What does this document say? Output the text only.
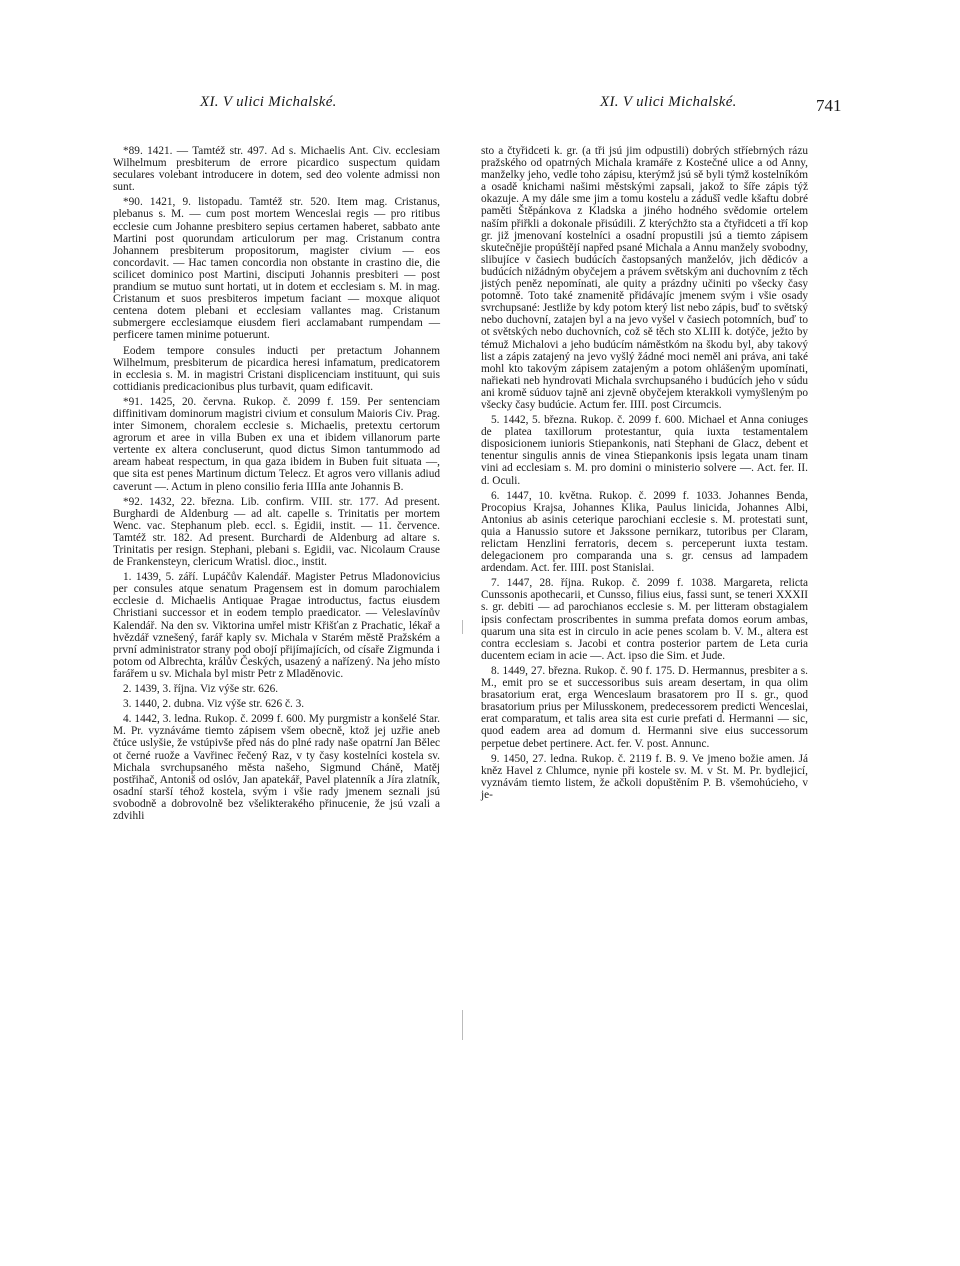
XI. V ulici Michalské.	XI. V ulici Michalské.	741

*89. 1421. — Tamtéž str. 497. Ad s. Michaelis Ant. Civ. ecclesiam Wilhelmum presbiterum de errore picardico suspectum quidam seculares volebant introducere in dotem, sed deo volente admissi non sunt.

*90. 1421, 9. listopadu. Tamtéž str. 520. Item mag. Cristanus, plebanus s. M. — cum post mortem Wenceslai regis — pro ritibus ecclesie cum Johanne presbitero sepius certamen haberet, sabbato ante Martini post quorundam articulorum per mag. Cristanum contra Johannem presbiterum propositorum, magister civium — eos concordavit. — Hac tamen concordia non obstante in crastino die, die scilicet dominico post Martini, disciputi Johannis presbiteri — post prandium se mutuo sunt hortati, ut in dotem et ecclesiam s. M. in mag. Cristanum et suos presbiteros impetum faciant — moxque aliquot centena dotem plebani et ecclesiam vallantes mag. Cristanum submergere ecclesiamque eiusdem fieri acclamabant rumpendam — perficere tamen minime potuerunt.

Eodem tempore consules inducti per pretactum Johannem Wilhelmum, presbiterum de picardica heresi infamatum, predicatorem in ecclesia s. M. in magistri Cristani displicenciam instituunt, qui suis cottidianis predicacionibus plus turbavit, quam edificavit.

*91. 1425, 20. června. Rukop. č. 2099 f. 159. Per sentenciam diffinitivam dominorum magistri civium et consulum Maioris Civ. Prag. inter Simonem, choralem ecclesie s. Michaelis, pretextu certorum agrorum et aree in villa Buben ex una et ibidem villanorum parte vertente ex altera concluserunt, quod dictus Simon tantummodo ad aream habeat respectum, in qua gaza ibidem in Buben fuit situata —, que sita est penes Martinum dictum Telecz. Et agros vero villanis adiud caverunt —. Actum in pleno consilio feria IIIIa ante Johannis B.

*92. 1432, 22. března. Lib. confirm. VIII. str. 177. Ad present. Burghardi de Aldenburg — ad alt. capelle s. Trinitatis per mortem Wenc. vac. Stephanum pleb. eccl. s. Egidii, instit. — 11. července. Tamtéž str. 182. Ad present. Burchardi de Aldenburg ad altare s. Trinitatis per resign. Stephani, plebani s. Egidii, vac. Nicolaum Crause de Frankensteyn, clericum Wratisl. dioc., instit.

1. 1439, 5. září. Lupáčův Kalendář. Magister Petrus Mladonovicius per consules atque senatum Pragensem est in domum parochialem ecclesie d. Michaelis Antiquae Pragae introductus, factus eiusdem Christiani successor et in eodem templo praedicator. — Veleslavínův Kalendář. Na den sv. Viktorina umřel mistr Křišťan z Prachatic, lékař a hvězdář vznešený, farář kaply sv. Michala v Starém městě Pražském a první administrator strany pod obojí přijímajících, od císaře Zigmunda i potom od Albrechta, králův Českých, usazený a nařízený. Na jeho místo farářem u sv. Michala byl mistr Petr z Mladěnovic.

2. 1439, 3. října. Viz výše str. 626.

3. 1440, 2. dubna. Viz výše str. 626 č. 3.

4. 1442, 3. ledna. Rukop. č. 2099 f. 600. My purgmistr a konšelé Star. M. Pr. vyznáváme tiemto zápisem všem obecně, ktož jej uzřie aneb čtúce uslyšie, že vstúpivše před nás do plné rady naše opatrní Jan Bělec ot černé ruože a Vavřinec řečený Raz, v ty časy kostelníci kostela sv. Michala svrchupsaného města našeho, Sigmund Cháně, Matěj postřihač, Antoniš od oslóv, Jan apatekář, Pavel platenník a Jíra zlatník, osadní starší téhož kostela, svým i všie rady jmenem seznali jsú svobodně a dobrovolně bez všelikterakého přinucenie, že jsú vzali a zdvihli

sto a čtyřidceti k. gr. (a tři jsú jim odpustili) dobrých stříebrných rázu pražského od opatrných Michala kramáře z Kostečné ulice a od Anny, manželky jeho, vedle toho zápisu, kterýmž jsú sě byli týmž kostelníkóm a osadě knichami našimi městskými zapsali, jakož to šíře zápis týž okazuje. A my dále sme jim a tomu kostelu a zádušî vedle kšaftu dobré paměti Štěpánkova z Kladska a jiného hodného svědomie ortelem naším přiřkli a dokonale přisúdili. Z kterýchžto sta a čtyřidceti a tří kop gr. již jmenovaní kostelníci a osadní propustili jsú a tiemto zápisem skutečnějie propúštějí napřed psané Michala a Annu manžely svobodny, slibujíce v časiech budúcích častopsaných manželóv, jich dědicóv a budúcích nižádným obyčejem a právem světským ani duchovním z těch jistých peněz nepomínati, ale quity a prázdny učiniti po všecky časy potomně. Toto také znamenitě přidávajíc jmenem svým i všie osady svrchupsané: Jestliže by kdy potom který list nebo zápis, buď to světský nebo duchovní, zatajen byl a na jevo vyšel v časiech potomních, buď to ot světských nebo duchovních, což sě těch sto XLIII k. dotýče, ježto by témuž Michalovi a jeho budúcím náměstkóm na škodu byl, aby takový list a zápis zatajený na jevo vyšlý žádné moci neměl ani práva, ani také mohl kto takovým zápisem zatajeným a potom ohlášeným upomínati, nařiekati neb hyndrovati Michala svrchupsaného i budúcích jeho v súdu ani kromě súduov tajně ani zjevně obyčejem kterakkoli vymyšleným po všecky časy budúcie. Actum fer. IIII. post Circumcis.

5. 1442, 5. března. Rukop. č. 2099 f. 600. Michael et Anna coniuges de platea taxillorum protestantur, quia iuxta testamentalem disposicionem iunioris Stiepankonis, nati Stephani de Glacz, debent et tenentur singulis annis de vinea Stiepankonis ipsis legata unam tinam vini ad ecclesiam s. M. pro domini o ministerio solvere —. Act. fer. II. d. Oculi.

6. 1447, 10. května. Rukop. č. 2099 f. 1033. Johannes Benda, Procopius Krajsa, Johannes Klika, Paulus linicida, Johannes Albi, Antonius ab asinis ceterique parochiani ecclesie s. M. protestati sunt, quia a Hanussio sutore et Jakssone pernikarz, tutoribus per Claram, relictam Henzlini ferratoris, decem s. perceperunt iuxta testam. delegacionem pro comparanda una s. gr. census ad lampadem ardendam. Act. fer. IIII. post Stanislai.

7. 1447, 28. října. Rukop. č. 2099 f. 1038. Margareta, relicta Cunssonis apothecarii, et Cunsso, filius eius, fassi sunt, se teneri XXXII s. gr. debiti — ad parochianos ecclesie s. M. per litteram obstagialem ipsis confectam proscribentes in summa prefata domos eorum ambas, quarum una sita est in circulo in acie penes scolam b. V. M., altera est contra ecclesiam s. Jacobi et contra posterior partem de Leta curia ducentem eciam in acie —. Act. ipso die Sim. et Jude.

8. 1449, 27. března. Rukop. č. 90 f. 175. D. Hermannus, presbiter a s. M., emit pro se et successoribus suis aream desertam, in qua olim brasatorium erat, erga Wenceslaum brasatorem pro II s. gr., quod brasatorium prius per Milusskonem, predecessorem predicti Wenceslai, erat comparatum, et talis area sita est curie prefati d. Hermanni — sic, quod eadem area ad domum d. Hermanni sive eius successorum perpetue debet pertinere. Act. fer. V. post. Annunc.

9. 1450, 27. ledna. Rukop. č. 2119 f. B. 9. Ve jmeno božie amen. Já kněz Havel z Chlumce, nynie při kostele sv. M. v St. M. Pr. bydlejicí, vyznávám tiemto listem, že ačkoli dopuštěním P. B. všemohúcieho, v je-
